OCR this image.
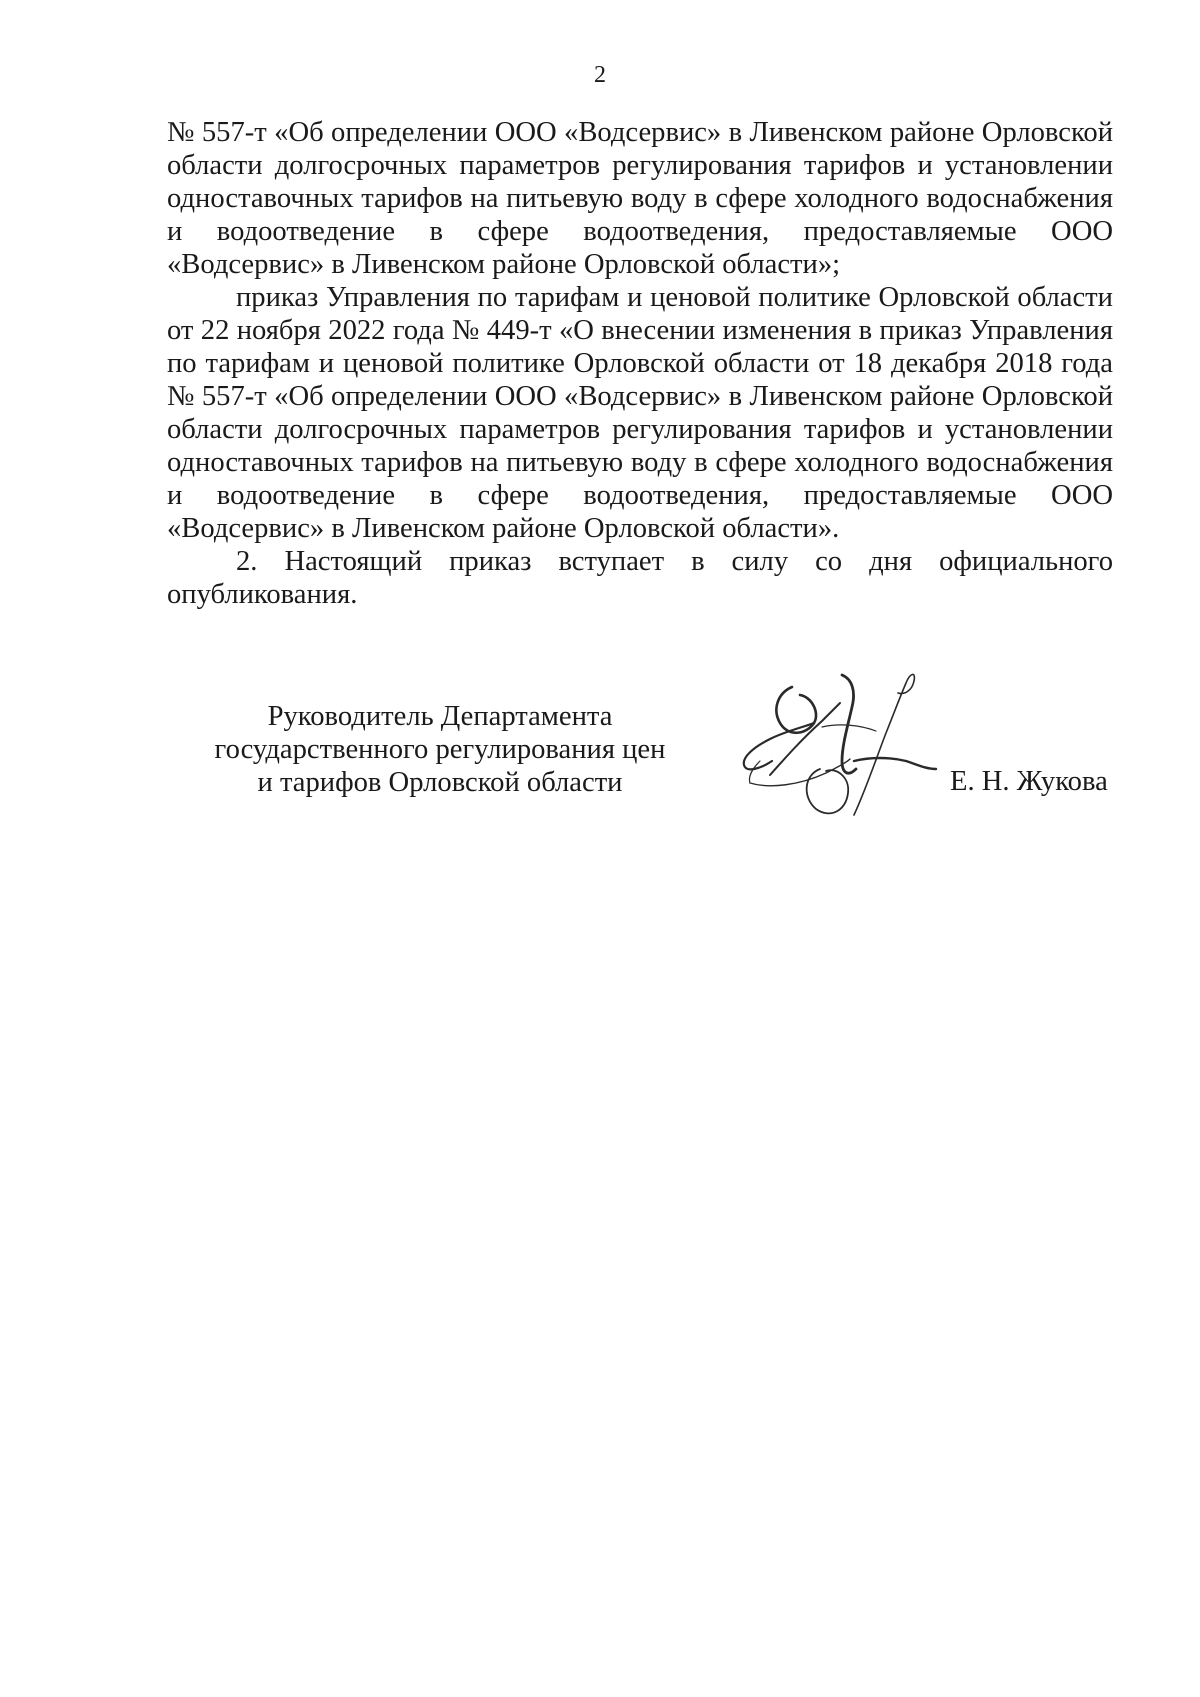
2

№ 557-т «Об определении ООО «Водсервис» в Ливенском районе Орловской области долгосрочных параметров регулирования тарифов и установлении одноставочных тарифов на питьевую воду в сфере холодного водоснабжения и водоотведение в сфере водоотведения, предоставляемые ООО «Водсервис» в Ливенском районе Орловской области»;

приказ Управления по тарифам и ценовой политике Орловской области от 22 ноября 2022 года № 449-т «О внесении изменения в приказ Управления по тарифам и ценовой политике Орловской области от 18 декабря 2018 года № 557-т «Об определении ООО «Водсервис» в Ливенском районе Орловской области долгосрочных параметров регулирования тарифов и установлении одноставочных тарифов на питьевую воду в сфере холодного водоснабжения и водоотведение в сфере водоотведения, предоставляемые ООО «Водсервис» в Ливенском районе Орловской области».

2. Настоящий приказ вступает в силу со дня официального опубликования.

Руководитель Департамента
государственного регулирования цен
и тарифов Орловской области	Е. Н. Жукова
